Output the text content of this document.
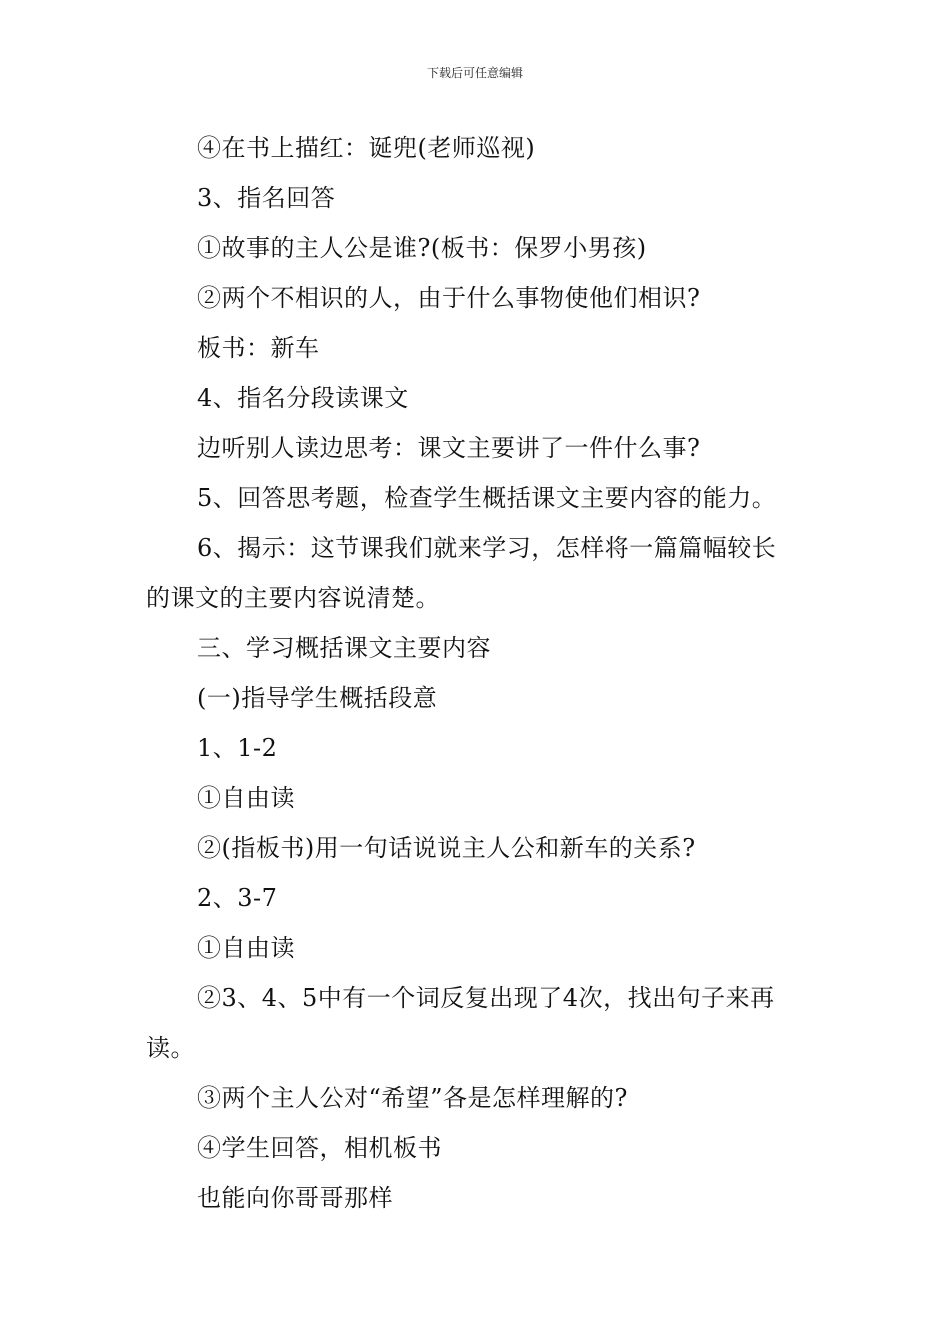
下载后可任意编辑
④在书上描红：诞兜(老师巡视)
3、指名回答
①故事的主人公是谁?(板书：保罗小男孩)
②两个不相识的人，由于什么事物使他们相识?
板书：新车
4、指名分段读课文
边听别人读边思考：课文主要讲了一件什么事?
5、回答思考题，检查学生概括课文主要内容的能力。
6、揭示：这节课我们就来学习，怎样将一篇篇幅较长
的课文的主要内容说清楚。
三、学习概括课文主要内容
(一)指导学生概括段意
1、1-2
①自由读
②(指板书)用一句话说说主人公和新车的关系?
2、3-7
①自由读
②3、4、5中有一个词反复出现了4次，找出句子来再
读。
③两个主人公对“希望”各是怎样理解的?
④学生回答，相机板书
也能向你哥哥那样
